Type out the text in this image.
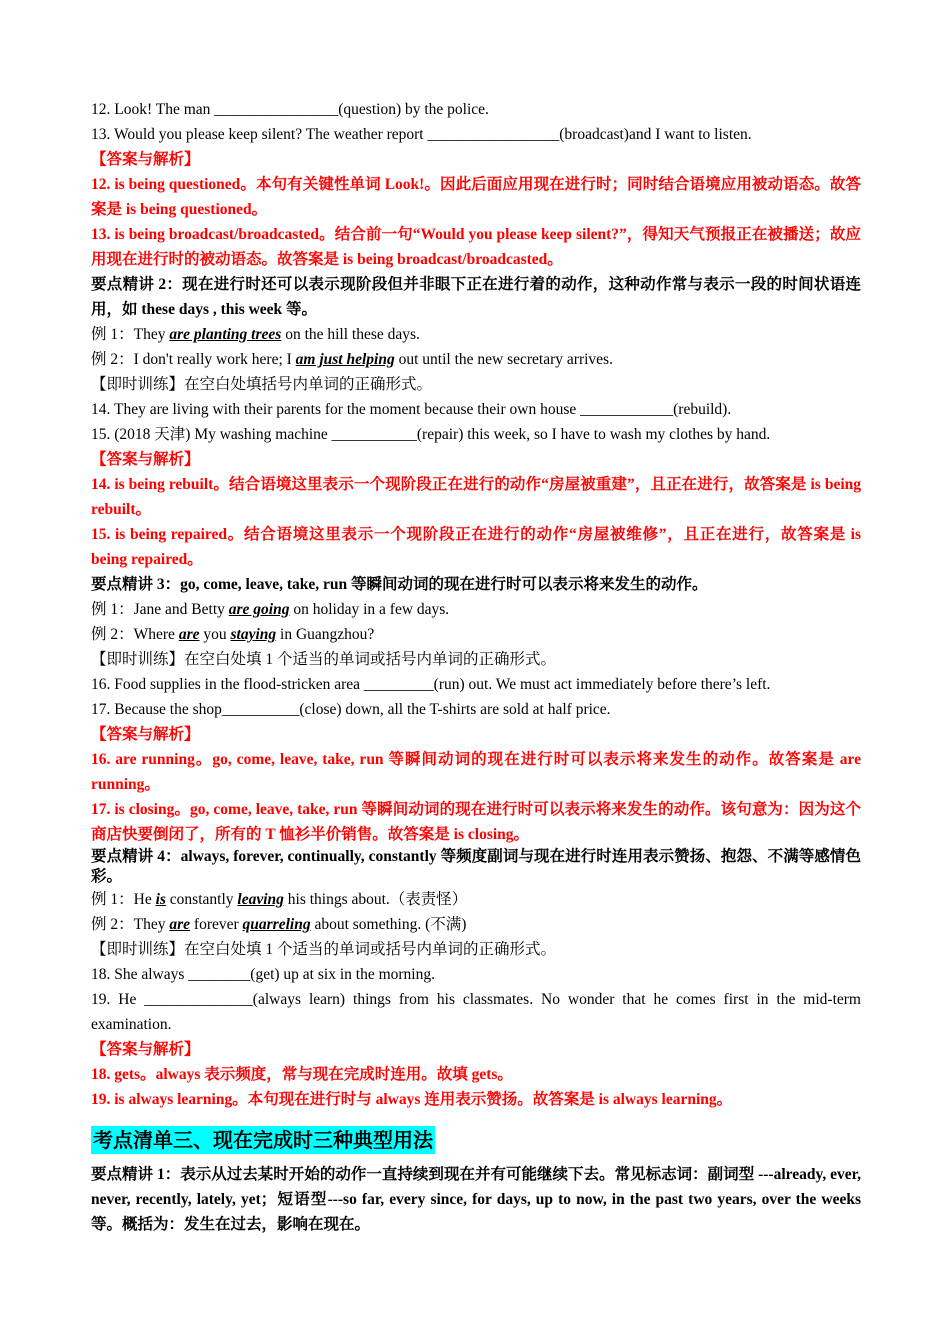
12. Look! The man ________________(question) by the police.

13. Would you please keep silent? The weather report _________________(broadcast)and I want to listen.

【答案与解析】

12. is being questioned。本句有关键性单词 Look!。因此后面应用现在进行时；同时结合语境应用被动语态。故答案是 is being questioned。

13. is being broadcast/broadcasted。结合前一句“Would you please keep silent?”，得知天气预报正在被播送；故应用现在进行时的被动语态。故答案是 is being broadcast/broadcasted。

要点精讲 2：现在进行时还可以表示现阶段但并非眼下正在进行着的动作，这种动作常与表示一段的时间状语连用，如 these days , this week 等。

例 1：They are planting trees on the hill these days.

例 2：I don't really work here; I am just helping out until the new secretary arrives.

【即时训练】在空白处填括号内单词的正确形式。

14. They are living with their parents for the moment because their own house ____________(rebuild).

15. (2018 天津) My washing machine ___________(repair) this week, so I have to wash my clothes by hand.

【答案与解析】

14. is being rebuilt。结合语境这里表示一个现阶段正在进行的动作“房屋被重建”，且正在进行，故答案是 is being rebuilt。

15. is being repaired。结合语境这里表示一个现阶段正在进行的动作“房屋被维修”，且正在进行，故答案是 is being repaired。

要点精讲 3：go, come, leave, take, run 等瞬间动词的现在进行时可以表示将来发生的动作。

例 1：Jane and Betty are going on holiday in a few days.

例 2：Where are you staying in Guangzhou?

【即时训练】在空白处填 1 个适当的单词或括号内单词的正确形式。

16. Food supplies in the flood-stricken area _________(run) out. We must act immediately before there’s left.

17. Because the shop__________(close) down, all the T-shirts are sold at half price.

【答案与解析】

16. are running。go, come, leave, take, run 等瞬间动词的现在进行时可以表示将来发生的动作。故答案是 are running。

17. is closing。go, come, leave, take, run 等瞬间动词的现在进行时可以表示将来发生的动作。该句意为：因为这个商店快要倒闭了，所有的 T 恤衫半价销售。故答案是 is closing。

要点精讲 4：always, forever, continually, constantly 等频度副词与现在进行时连用表示赞扬、抱怨、不满等感情色彩。

例 1：He is constantly leaving his things about.（表责怪）

例 2：They are forever quarreling about something. (不满)

【即时训练】在空白处填 1 个适当的单词或括号内单词的正确形式。

18. She always ________(get) up at six in the morning.

19. He ______________(always learn) things from his classmates. No wonder that he comes first in the mid-term examination.

【答案与解析】

18. gets。always 表示频度，常与现在完成时连用。故填 gets。

19. is always learning。本句现在进行时与 always 连用表示赞扬。故答案是 is always learning。

考点清单三、现在完成时三种典型用法

要点精讲 1：表示从过去某时开始的动作一直持续到现在并有可能继续下去。常见标志词：副词型 ---already, ever, never, recently, lately, yet；短语型---so far, every since, for days, up to now, in the past two years, over the weeks 等。概括为：发生在过去，影响在现在。
